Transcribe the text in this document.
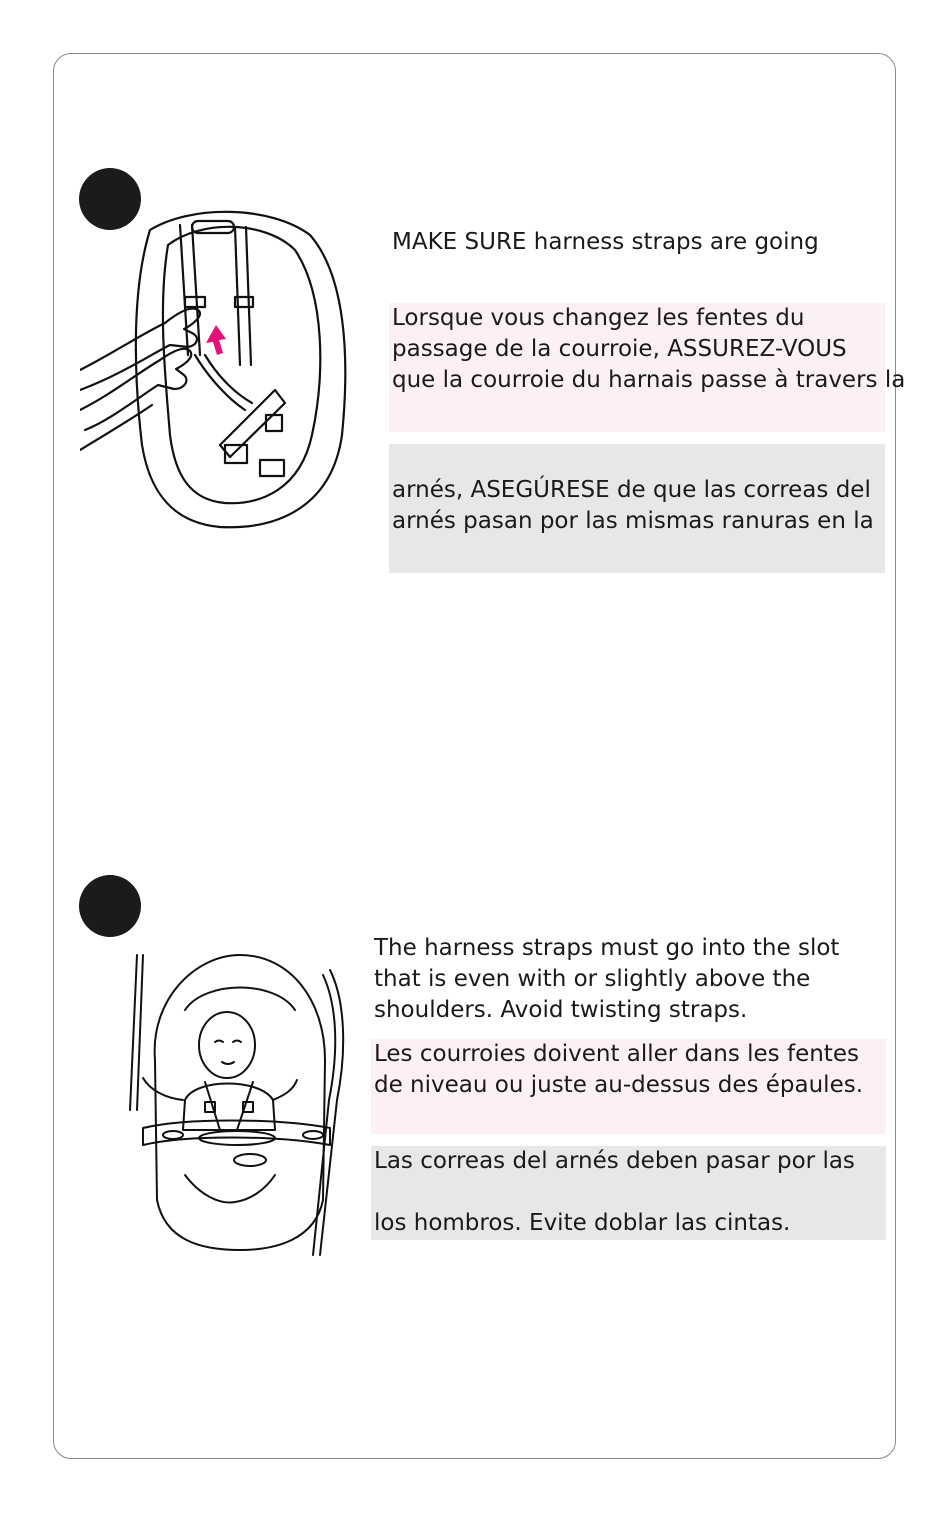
MAKE SURE harness straps are going
Lorsque vous changez les fentes du
passage de la courroie, ASSUREZ-VOUS
que la courroie du harnais passe à travers la
arnés, ASEGÚRESE de que las correas del
arnés pasan por las mismas ranuras en la
The harness straps must go into the slot
that is even with or slightly above the
shoulders. Avoid twisting straps.
Les courroies doivent aller dans les fentes
de niveau ou juste au-dessus des épaules.
Las correas del arnés deben pasar por las
los hombros. Evite doblar las cintas.
